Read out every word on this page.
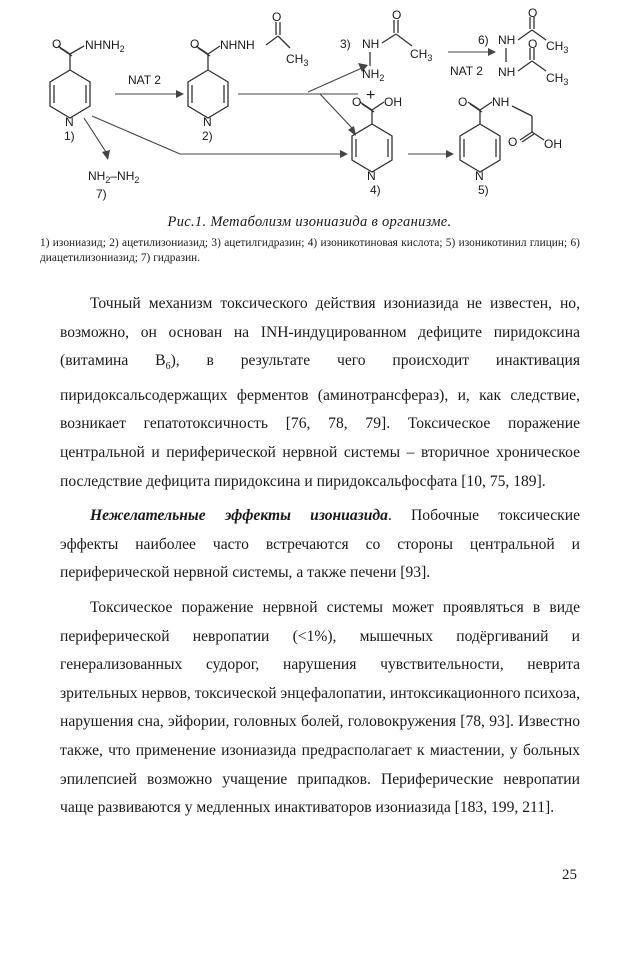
O $NHNH_2$
N
1)
NAT 2
O NHNH
O
$CH_3$
N
2)
3) NH
O
$CH_3$
$NH_2$
+
NAT 2
6) NH
O
$CH_3$
NH
O
$CH_3$
O OH
N
4)
O NH
O OH
N
5)
$NH_2-NH_2$
7)
Рис.1. Метаболизм изониазида в организме.
1) изониазид; 2) ацетилизониазид; 3) ацетилгидразин; 4) изоникотиновая кислота; 5) изоникотинил глицин; 6) диацетилизониазид; 7) гидразин.

Точный механизм токсического действия изониазида не известен, но, возможно, он основан на INH-индуцированном дефиците пиридоксина (витамина $B_6$), в результате чего происходит инактивация пиридоксальсодержащих ферментов (аминотрансфераз), и, как следствие, возникает гепатотоксичность [76, 78, 79]. Токсическое поражение центральной и периферической нервной системы – вторичное хроническое последствие дефицита пиридоксина и пиридоксальфосфата [10, 75, 189].

Нежелательные эффекты изониазида. Побочные токсические эффекты наиболее часто встречаются со стороны центральной и периферической нервной системы, а также печени [93].

Токсическое поражение нервной системы может проявляться в виде периферической невропатии (<1%), мышечных подёргиваний и генерализованных судорог, нарушения чувствительности, неврита зрительных нервов, токсической энцефалопатии, интоксикационного психоза, нарушения сна, эйфории, головных болей, головокружения [78, 93]. Известно также, что применение изониазида предрасполагает к миастении, у больных эпилепсией возможно учащение припадков. Периферические невропатии чаще развиваются у медленных инактиваторов изониазида [183, 199, 211].

25
